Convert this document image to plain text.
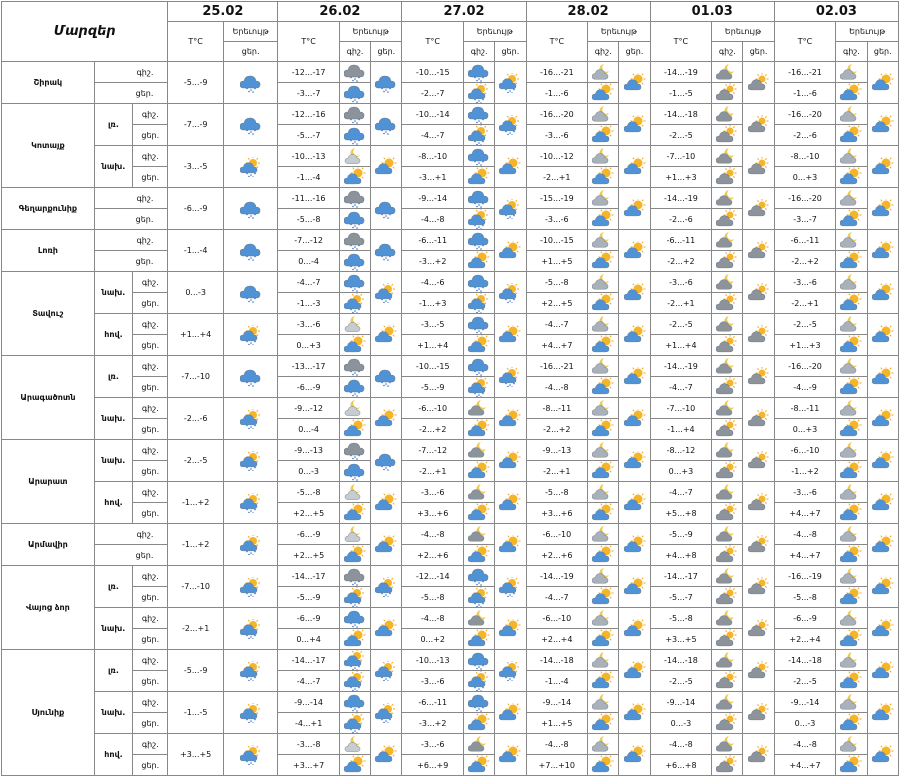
Մարզեր			25.02		26.02			27.02			28.02			01.03			02.03		
			T°C	Երեւույթ	T°C	Երեւույթ		T°C	Երեւույթ		T°C	Երեւույթ		T°C	Երեւույթ		T°C	Երեւույթ	
				ցեր.		գիշ.	ցեր.		գիշ.	ցեր.		գիշ.	ցեր.		գիշ.	ցեր.		գիշ.	ցեր.
Շիրակ	գիշ.		-5...-9		-12...-17			-10...-15			-16...-21			-14...-19			-16...-21	

	ցեր.				-3...-7			-2...-7			-1...-6			-1...-5			-1...-6	

Կոտայք	լռ.	գիշ.	-7...-9		-12...-16			-10...-14			-16...-20			-14...-18			-16...-20	

		ցեր.			-5...-7			-4...-7			-3...-6			-2...-5			-2...-6	

	նախ.	գիշ.	-3...-5		-10...-13			-8...-10			-10...-12			-7...-10			-8...-10	

		ցեր.			-1...-4			-3...+1			-2...+1			+1...+3			0...+3	

Գեղարքունիք	գիշ.		-6...-9		-11...-16			-9...-14			-15...-19			-14...-19			-16...-20	

	ցեր.				-5...-8			-4...-8			-3...-6			-2...-6			-3...-7	

Լոռի	գիշ.		-1...-4		-7...-12			-6...-11			-10...-15			-6...-11			-6...-11	

	ցեր.				0...-4			-3...+2			+1...+5			-2...+2			-2...+2	

Տավուշ	նախ.	գիշ.	0...-3		-4...-7			-4...-6			-5...-8			-3...-6			-3...-6	

		ցեր.			-1...-3			-1...+3			+2...+5			-2...+1			-2...+1	

	հով.	գիշ.	+1...+4		-3...-6			-3...-5			-4...-7			-2...-5			-2...-5	

		ցեր.			0...+3			+1...+4			+4...+7			+1...+4			+1...+3	

Արագածոտն	լռ.	գիշ.	-7...-10		-13...-17			-10...-15			-16...-21			-14...-19			-16...-20	

		ցեր.			-6...-9			-5...-9			-4...-8			-4...-7			-4...-9	

	նախ.	գիշ.	-2...-6		-9...-12			-6...-10			-8...-11			-7...-10			-8...-11	

		ցեր.			0...-4			-2...+2			-2...+2			-1...+4			0...+3	

Արարատ	նախ.	գիշ.	-2...-5		-9...-13			-7...-12			-9...-13			-8...-12			-6...-10	

		ցեր.			0...-3			-2...+1			-2...+1			0...+3			-1...+2	

	հով.	գիշ.	-1...+2		-5...-8			-3...-6			-5...-8			-4...-7			-3...-6	

		ցեր.			+2...+5			+3...+6			+3...+6			+5...+8			+4...+7	

Արմավիր	գիշ.		-1...+2		-6...-9			-4...-8			-6...-10			-5...-9			-4...-8	

	ցեր.				+2...+5			+2...+6			+2...+6			+4...+8			+4...+7	

Վայոց ձոր	լռ.	գիշ.	-7...-10		-14...-17			-12...-14			-14...-19			-14...-17			-16...-19	

		ցեր.			-5...-9			-5...-8			-4...-7			-5...-7			-5...-8	

	նախ.	գիշ.	-2...+1		-6...-9			-4...-8			-6...-10			-5...-8			-6...-9	

		ցեր.			0...+4			0...+2			+2...+4			+3...+5			+2...+4	

Սյունիք	լռ.	գիշ.	-5...-9		-14...-17			-10...-13			-14...-18			-14...-18			-14...-18	

		ցեր.			-4...-7			-3...-6			-1...-4			-2...-5			-2...-5	

	նախ.	գիշ.	-1...-5		-9...-14			-6...-11			-9...-14			-9...-14			-9...-14	

		ցեր.			-4...+1			-3...+2			+1...+5			0...-3			0...-3	

	հով.	գիշ.	+3...+5		-3...-8			-3...-6			-4...-8			-4...-8			-4...-8	

		ցեր.			+3...+7			+6...+9			+7...+10			+6...+8			+4...+7	
